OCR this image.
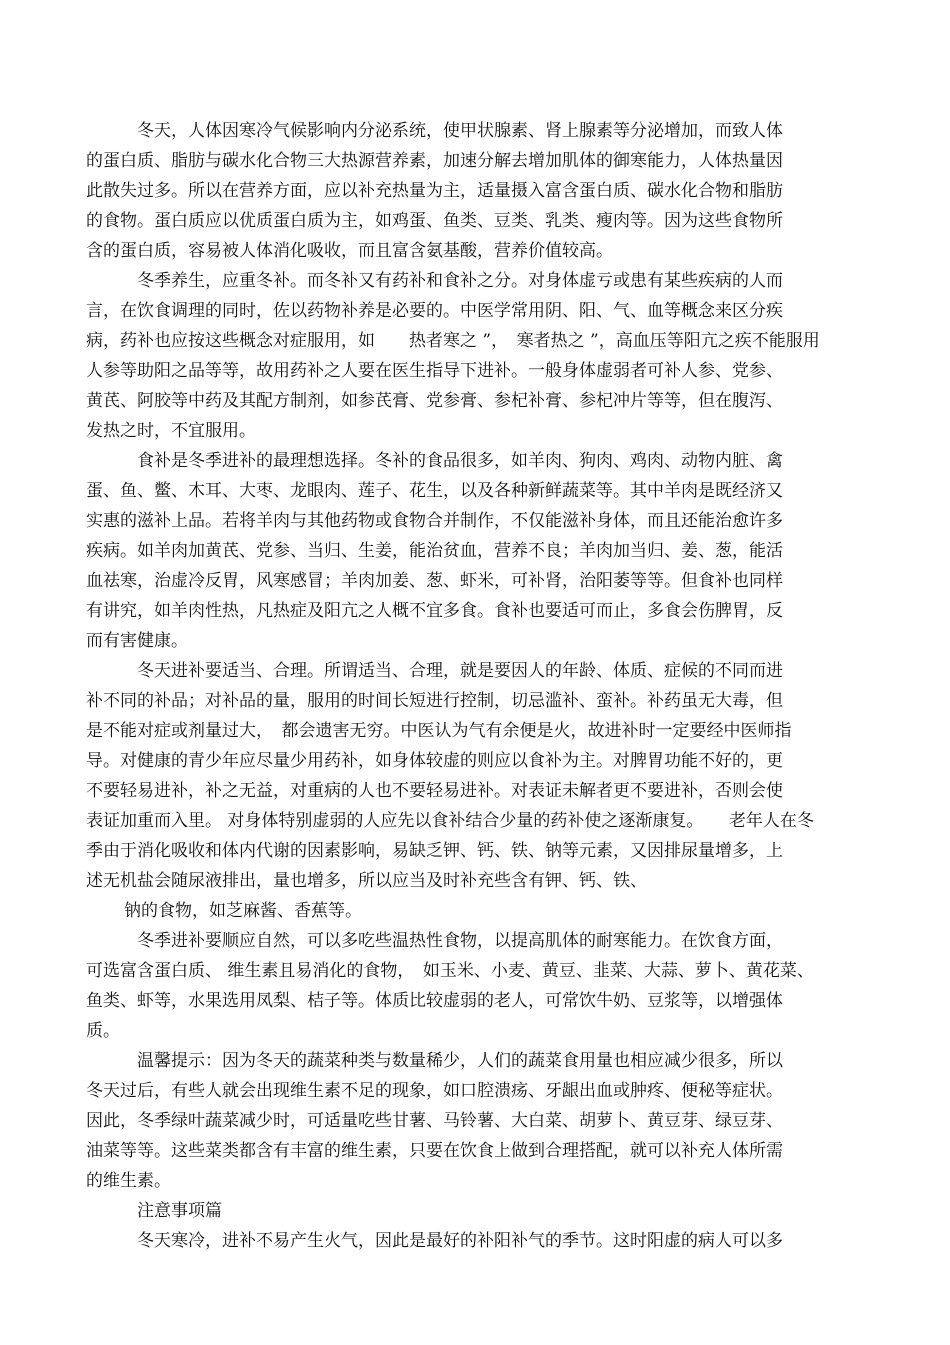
冬天，人体因寒冷气候影响内分泌系统，使甲状腺素、肾上腺素等分泌增加，而致人体
的蛋白质、脂肪与碳水化合物三大热源营养素，加速分解去增加肌体的御寒能力，人体热量因
此散失过多。所以在营养方面，应以补充热量为主，适量摄入富含蛋白质、碳水化合物和脂肪
的食物。蛋白质应以优质蛋白质为主，如鸡蛋、鱼类、豆类、乳类、瘦肉等。因为这些食物所
含的蛋白质，容易被人体消化吸收，而且富含氨基酸，营养价值较高。
冬季养生，应重冬补。而冬补又有药补和食补之分。对身体虚亏或患有某些疾病的人而
言，在饮食调理的同时，佐以药物补养是必要的。中医学常用阴、阳、气、血等概念来区分疾
病，药补也应按这些概念对症服用，如　　热者寒之 ”，　寒者热之 ”，高血压等阳亢之疾不能服用
人参等助阳之品等等，故用药补之人要在医生指导下进补。一般身体虚弱者可补人参、党参、
黄芪、阿胶等中药及其配方制剂，如参芪膏、党参膏、参杞补膏、参杞冲片等等，但在腹泻、
发热之时，不宜服用。
食补是冬季进补的最理想选择。冬补的食品很多，如羊肉、狗肉、鸡肉、动物内脏、禽
蛋、鱼、鳖、木耳、大枣、龙眼肉、莲子、花生，以及各种新鲜蔬菜等。其中羊肉是既经济又
实惠的滋补上品。若将羊肉与其他药物或食物合并制作，不仅能滋补身体，而且还能治愈许多
疾病。如羊肉加黄芪、党参、当归、生姜，能治贫血，营养不良；羊肉加当归、姜、葱，能活
血祛寒，治虚冷反胃，风寒感冒；羊肉加姜、葱、虾米，可补肾，治阳萎等等。但食补也同样
有讲究，如羊肉性热，凡热症及阳亢之人概不宜多食。食补也要适可而止，多食会伤脾胃，反
而有害健康。
冬天进补要适当、合理。所谓适当、合理，就是要因人的年龄、体质、症候的不同而进
补不同的补品；对补品的量，服用的时间长短进行控制，切忌滥补、蛮补。补药虽无大毒，但
是不能对症或剂量过大，　都会遗害无穷。中医认为气有余便是火，故进补时一定要经中医师指
导。对健康的青少年应尽量少用药补，如身体较虚的则应以食补为主。对脾胃功能不好的，更
不要轻易进补，补之无益，对重病的人也不要轻易进补。对表证未解者更不要进补，否则会使
表证加重而入里。 对身体特别虚弱的人应先以食补结合少量的药补使之逐渐康复。　　老年人在冬
季由于消化吸收和体内代谢的因素影响，易缺乏钾、钙、铁、钠等元素，又因排尿量增多，上
述无机盐会随尿液排出，量也增多，所以应当及时补充些含有钾、钙、铁、
钠的食物，如芝麻酱、香蕉等。
冬季进补要顺应自然，可以多吃些温热性食物，以提高肌体的耐寒能力。在饮食方面，
可选富含蛋白质、 维生素且易消化的食物，　如玉米、小麦、黄豆、韭菜、大蒜、萝卜、黄花菜、
鱼类、虾等，水果选用凤梨、桔子等。体质比较虚弱的老人，可常饮牛奶、豆浆等，以增强体
质。
温馨提示：因为冬天的蔬菜种类与数量稀少，人们的蔬菜食用量也相应减少很多，所以
冬天过后，有些人就会出现维生素不足的现象，如口腔溃疡、牙龈出血或肿疼、便秘等症状。
因此，冬季绿叶蔬菜减少时，可适量吃些甘薯、马铃薯、大白菜、胡萝卜、黄豆芽、绿豆芽、
油菜等等。这些菜类都含有丰富的维生素，只要在饮食上做到合理搭配，就可以补充人体所需
的维生素。
注意事项篇
冬天寒冷，进补不易产生火气，因此是最好的补阳补气的季节。这时阳虚的病人可以多
